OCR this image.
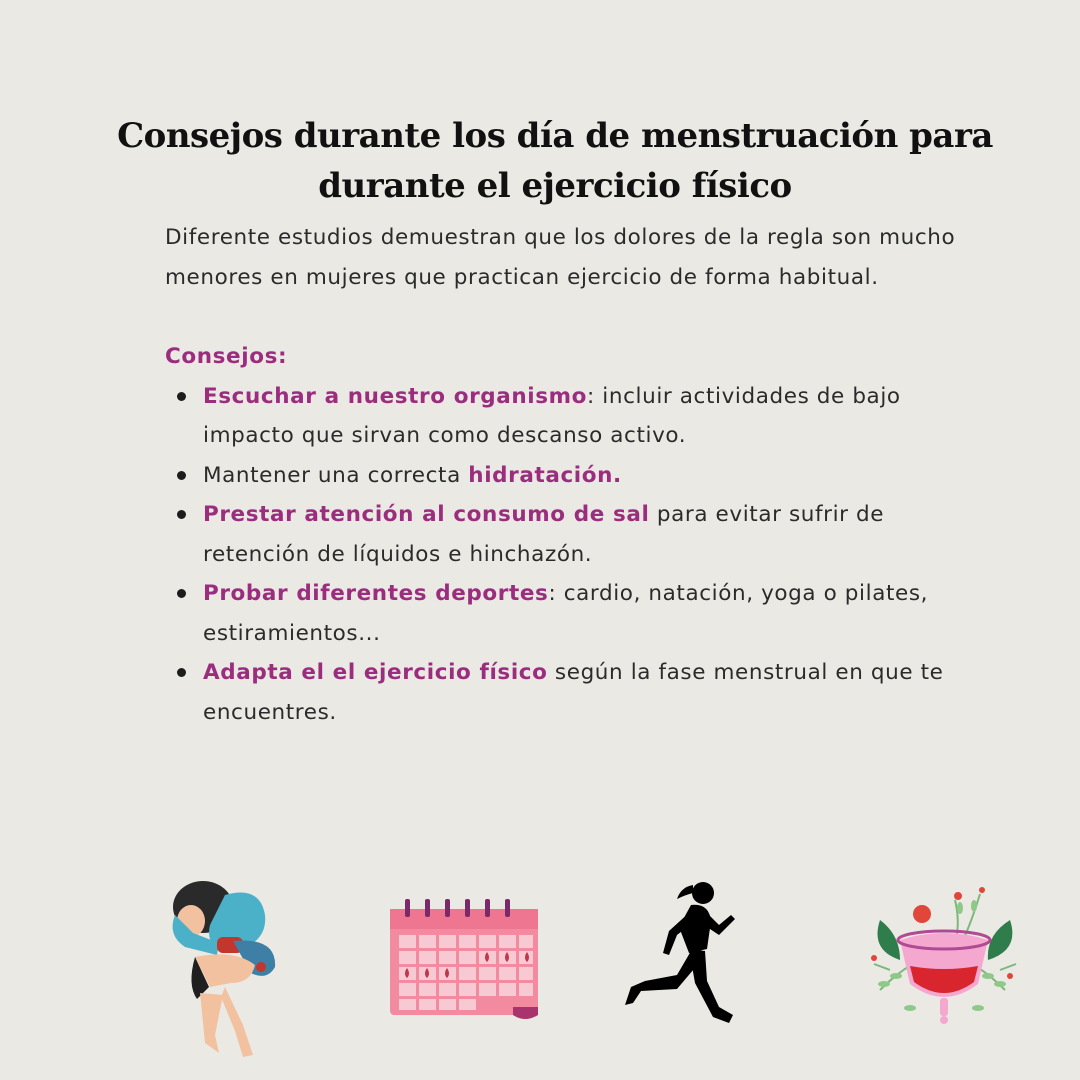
Consejos durante los día de menstruación para durante el ejercicio físico

Diferente estudios demuestran que los dolores de la regla son mucho menores en mujeres que practican ejercicio de forma habitual.

Consejos:
Escuchar a nuestro organismo: incluir actividades de bajo impacto que sirvan como descanso activo.
Mantener una correcta hidratación.
Prestar atención al consumo de sal para evitar sufrir de retención de líquidos e hinchazón.
Probar diferentes deportes: cardio, natación, yoga o pilates, estiramientos...
Adapta el el ejercicio físico según la fase menstrual en que te encuentres.
